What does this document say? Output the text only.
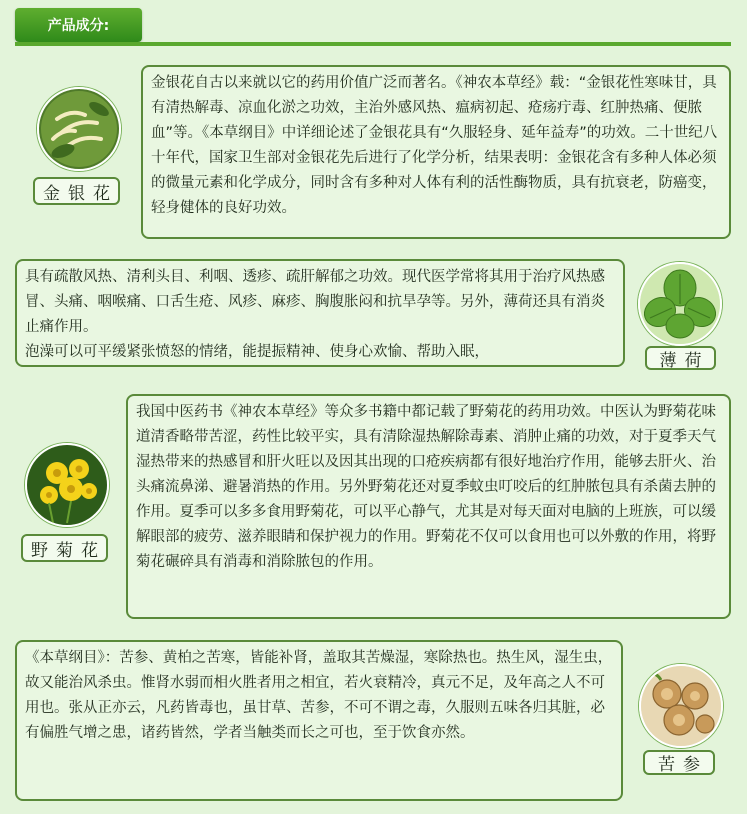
产品成分:
金银花
金银花自古以来就以它的药用价值广泛而著名。《神农本草经》载：“金银花性寒味甘，具有清热解毒、凉血化淤之功效，主治外感风热、瘟病初起、疮疡疔毒、红肿热痛、便脓血”等。《本草纲目》中详细论述了金银花具有“久服轻身、延年益寿”的功效。二十世纪八十年代，国家卫生部对金银花先后进行了化学分析，结果表明：金银花含有多种人体必须的微量元素和化学成分，同时含有多种对人体有利的活性酶物质，具有抗衰老，防癌变，轻身健体的良好功效。
具有疏散风热、清利头目、利咽、透疹、疏肝解郁之功效。现代医学常将其用于治疗风热感冒、头痛、咽喉痛、口舌生疮、风疹、麻疹、胸腹胀闷和抗旱孕等。另外，薄荷还具有消炎止痛作用。
泡澡可以可平缓紧张愤怒的情绪，能提振精神、使身心欢愉、帮助入眠，	薄荷
野菊花
我国中医药书《神农本草经》等众多书籍中都记载了野菊花的药用功效。中医认为野菊花味道清香略带苦涩，药性比较平实，具有清除湿热解除毒素、消肿止痛的功效，对于夏季天气湿热带来的热感冒和肝火旺以及因其出现的口疮疾病都有很好地治疗作用，能够去肝火、治头痛流鼻涕、避暑消热的作用。另外野菊花还对夏季蚊虫叮咬后的红肿脓包具有杀菌去肿的作用。夏季可以多多食用野菊花，可以平心静气，尤其是对每天面对电脑的上班族，可以缓解眼部的疲劳、滋养眼睛和保护视力的作用。野菊花不仅可以食用也可以外敷的作用，将野菊花碾碎具有消毒和消除脓包的作用。
《本草纲目》：苦参、黄柏之苦寒，皆能补肾，盖取其苦燥湿，寒除热也。热生风，湿生虫，故又能治风杀虫。惟肾水弱而相火胜者用之相宜，若火衰精冷，真元不足，及年高之人不可用也。张从正亦云，凡药皆毒也，虽甘草、苦参，不可不谓之毒，久服则五味各归其脏，必有偏胜气增之患，诸药皆然，学者当触类而长之可也，至于饮食亦然。
苦参
